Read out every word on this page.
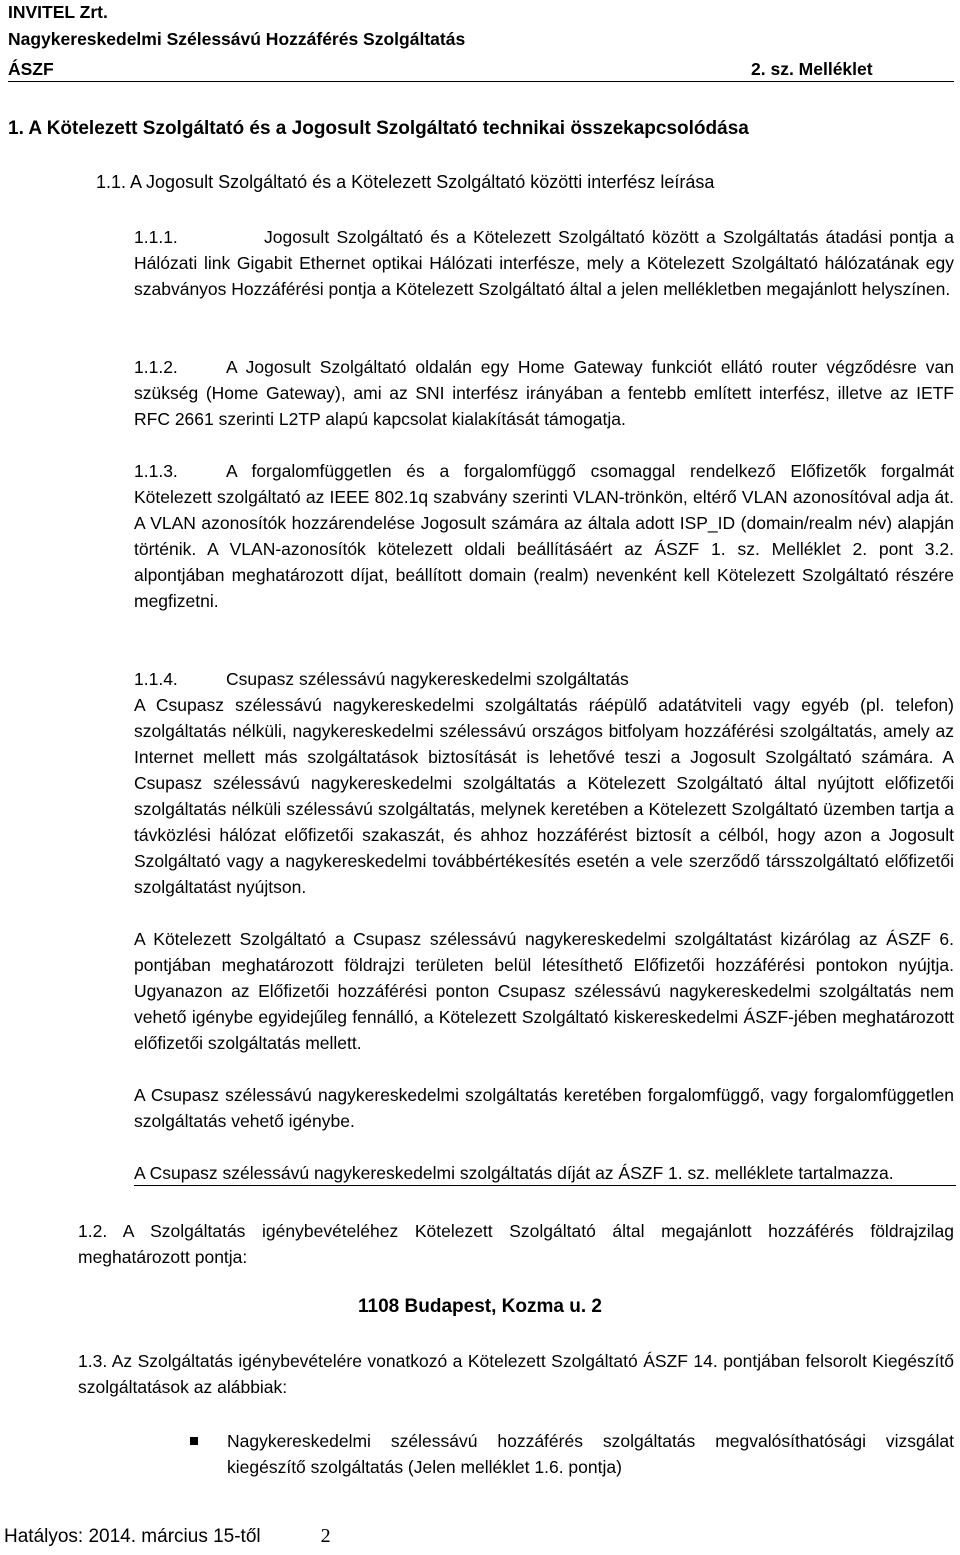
INVITEL Zrt.
Nagykereskedelmi Szélessávú Hozzáférés Szolgáltatás
ÁSZF	2. sz. Melléklet
1. A Kötelezett Szolgáltató és a Jogosult Szolgáltató technikai összekapcsolódása
1.1. A Jogosult Szolgáltató és a Kötelezett Szolgáltató közötti interfész leírása
1.1.1.	Jogosult Szolgáltató és a Kötelezett Szolgáltató között a Szolgáltatás átadási pontja a Hálózati link Gigabit Ethernet optikai Hálózati interfésze, mely a Kötelezett Szolgáltató hálózatának egy szabványos Hozzáférési pontja a Kötelezett Szolgáltató által a jelen mellékletben megajánlott helyszínen.
1.1.2.	A Jogosult Szolgáltató oldalán egy Home Gateway funkciót ellátó router végződésre van szükség (Home Gateway), ami az SNI interfész irányában a fentebb említett interfész, illetve az IETF RFC 2661 szerinti L2TP alapú kapcsolat kialakítását támogatja.
1.1.3.	A forgalomfüggetlen és a forgalomfüggő csomaggal rendelkező Előfizetők forgalmát Kötelezett szolgáltató az IEEE 802.1q szabvány szerinti VLAN-trönkön, eltérő VLAN azonosítóval adja át. A VLAN azonosítók hozzárendelése Jogosult számára az általa adott ISP_ID (domain/realm név) alapján történik. A VLAN-azonosítók kötelezett oldali beállításáért az ÁSZF 1. sz. Melléklet 2. pont 3.2. alpontjában meghatározott díjat, beállított domain (realm) nevenként kell Kötelezett Szolgáltató részére megfizetni.
1.1.4.	Csupasz szélessávú nagykereskedelmi szolgáltatás
A Csupasz szélessávú nagykereskedelmi szolgáltatás ráépülő adatátviteli vagy egyéb (pl. telefon) szolgáltatás nélküli, nagykereskedelmi szélessávú országos bitfolyam hozzáférési szolgáltatás, amely az Internet mellett más szolgáltatások biztosítását is lehetővé teszi a Jogosult Szolgáltató számára. A Csupasz szélessávú nagykereskedelmi szolgáltatás a Kötelezett Szolgáltató által nyújtott előfizetői szolgáltatás nélküli szélessávú szolgáltatás, melynek keretében a Kötelezett Szolgáltató üzemben tartja a távközlési hálózat előfizetői szakaszát, és ahhoz hozzáférést biztosít a célból, hogy azon a Jogosult Szolgáltató vagy a nagykereskedelmi továbbértékesítés esetén a vele szerződő társszolgáltató előfizetői szolgáltatást nyújtson.
A Kötelezett Szolgáltató a Csupasz szélessávú nagykereskedelmi szolgáltatást kizárólag az ÁSZF 6. pontjában meghatározott földrajzi területen belül létesíthető Előfizetői hozzáférési pontokon nyújtja. Ugyanazon az Előfizetői hozzáférési ponton Csupasz szélessávú nagykereskedelmi szolgáltatás nem vehető igénybe egyidejűleg fennálló, a Kötelezett Szolgáltató kiskereskedelmi ÁSZF-jében meghatározott előfizetői szolgáltatás mellett.
A Csupasz szélessávú nagykereskedelmi szolgáltatás keretében forgalomfüggő, vagy forgalomfüggetlen szolgáltatás vehető igénybe.
A Csupasz szélessávú nagykereskedelmi szolgáltatás díját az ÁSZF 1. sz. melléklete tartalmazza.
1.2. A Szolgáltatás igénybevételéhez Kötelezett Szolgáltató által megajánlott hozzáférés földrajzilag meghatározott pontja:
1108 Budapest, Kozma u. 2
1.3. Az Szolgáltatás igénybevételére vonatkozó a Kötelezett Szolgáltató ÁSZF 14. pontjában felsorolt Kiegészítő szolgáltatások az alábbiak:
Nagykereskedelmi szélessávú hozzáférés szolgáltatás megvalósíthatósági vizsgálat kiegészítő szolgáltatás (Jelen melléklet 1.6. pontja)
Hatályos: 2014. március 15-től	2
